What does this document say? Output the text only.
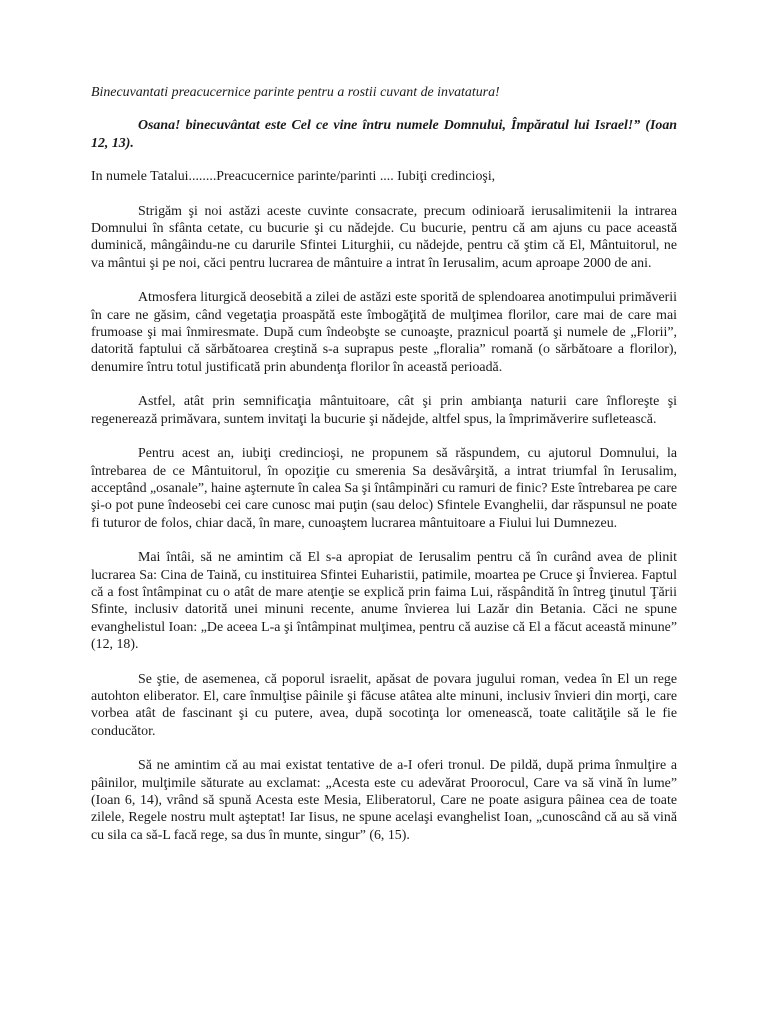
Binecuvantati preacucernice parinte pentru a rostii cuvant de invatatura!

Osana! binecuvântat este Cel ce vine întru numele Domnului, Împăratul lui Israel!” (Ioan 12, 13).

In numele Tatalui........Preacucernice parinte/parinti .... Iubiţi credincioşi,

Strigăm şi noi astăzi aceste cuvinte consacrate, precum odinioară ierusalimitenii la intrarea Domnului în sfânta cetate, cu bucurie şi cu nădejde. Cu bucurie, pentru că am ajuns cu pace această duminică, mângâindu-ne cu darurile Sfintei Liturghii, cu nădejde, pentru că ştim că El, Mântuitorul, ne va mântui şi pe noi, căci pentru lucrarea de mântuire a intrat în Ierusalim, acum aproape 2000 de ani.

Atmosfera liturgică deosebită a zilei de astăzi este sporită de splendoarea anotimpului primăverii în care ne găsim, când vegetaţia proaspătă este îmbogăţită de mulţimea florilor, care mai de care mai frumoase şi mai înmiresmate. După cum îndeobşte se cunoaşte, praznicul poartă şi numele de „Florii”, datorită faptului că sărbătoarea creştină s-a suprapus peste „floralia” romană (o sărbătoare a florilor), denumire întru totul justificată prin abundenţa florilor în această perioadă.

Astfel, atât prin semnificaţia mântuitoare, cât şi prin ambianţa naturii care înfloreşte şi regenerează primăvara, suntem invitaţi la bucurie şi nădejde, altfel spus, la împrimăverire sufletească.

Pentru acest an, iubiţi credincioşi, ne propunem să răspundem, cu ajutorul Domnului, la întrebarea de ce Mântuitorul, în opoziţie cu smerenia Sa desăvârşită, a intrat triumfal în Ierusalim, acceptând „osanale”, haine aşternute în calea Sa şi întâmpinări cu ramuri de finic? Este întrebarea pe care şi-o pot pune îndeosebi cei care cunosc mai puţin (sau deloc) Sfintele Evanghelii, dar răspunsul ne poate fi tuturor de folos, chiar dacă, în mare, cunoaştem lucrarea mântuitoare a Fiului lui Dumnezeu.

Mai întâi, să ne amintim că El s-a apropiat de Ierusalim pentru că în curând avea de plinit lucrarea Sa: Cina de Taină, cu instituirea Sfintei Euharistii, patimile, moartea pe Cruce şi Învierea. Faptul că a fost întâmpinat cu o atât de mare atenţie se explică prin faima Lui, răspândită în întreg ţinutul Ţării Sfinte, inclusiv datorită unei minuni recente, anume învierea lui Lazăr din Betania. Căci ne spune evanghelistul Ioan: „De aceea L-a şi întâmpinat mulţimea, pentru că auzise că El a făcut această minune” (12, 18).

Se ştie, de asemenea, că poporul israelit, apăsat de povara jugului roman, vedea în El un rege autohton eliberator. El, care înmulţise pâinile şi făcuse atâtea alte minuni, inclusiv învieri din morţi, care vorbea atât de fascinant şi cu putere, avea, după socotinţa lor omenească, toate calităţile să le fie conducător.

Să ne amintim că au mai existat tentative de a-I oferi tronul. De pildă, după prima înmulţire a pâinilor, mulţimile săturate au exclamat: „Acesta este cu adevărat Proorocul, Care va să vină în lume” (Ioan 6, 14), vrând să spună Acesta este Mesia, Eliberatorul, Care ne poate asigura pâinea cea de toate zilele, Regele nostru mult aşteptat! Iar Iisus, ne spune acelaşi evanghelist Ioan, „cunoscând că au să vină cu sila ca să-L facă rege, sa dus în munte, singur” (6, 15).
